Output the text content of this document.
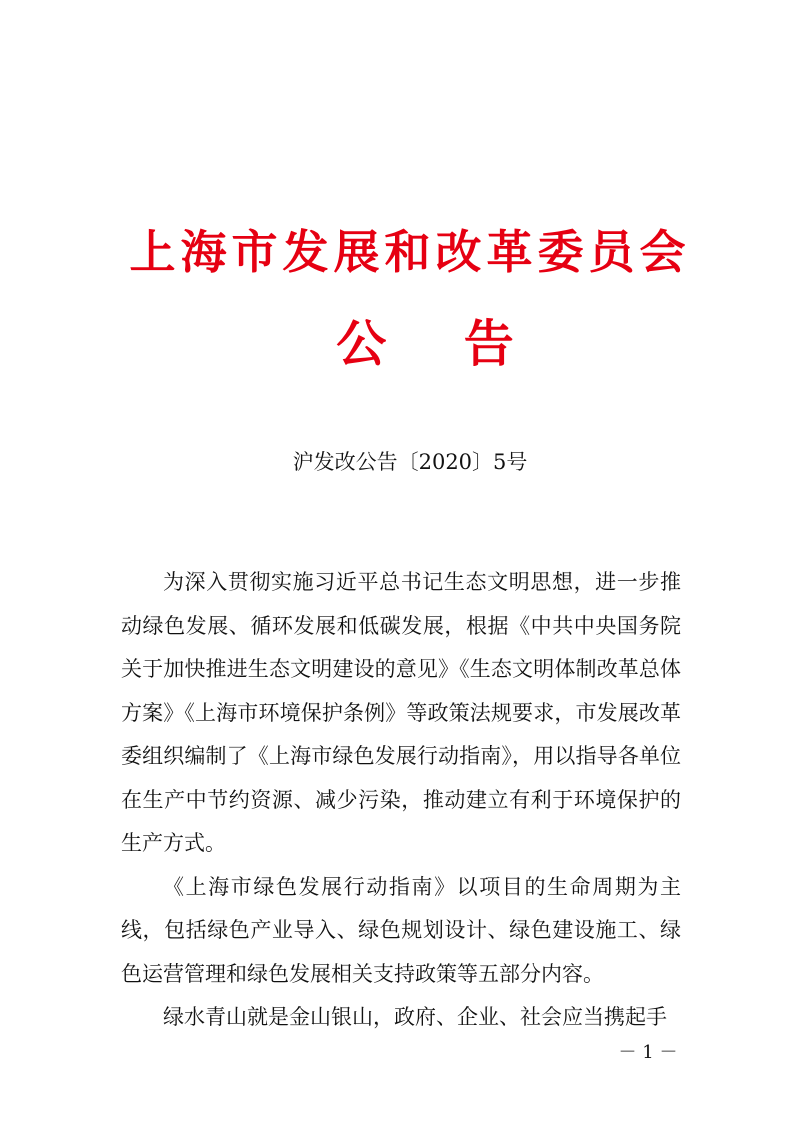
上海市发展和改革委员会
公 告

沪发改公告〔2020〕5号

为深入贯彻实施习近平总书记生态文明思想，进一步推动绿色发展、循环发展和低碳发展，根据《中共中央国务院关于加快推进生态文明建设的意见》《生态文明体制改革总体方案》《上海市环境保护条例》等政策法规要求，市发展改革委组织编制了《上海市绿色发展行动指南》，用以指导各单位在生产中节约资源、减少污染，推动建立有利于环境保护的生产方式。

《上海市绿色发展行动指南》以项目的生命周期为主线，包括绿色产业导入、绿色规划设计、绿色建设施工、绿色运营管理和绿色发展相关支持政策等五部分内容。

绿水青山就是金山银山，政府、企业、社会应当携起手

－ 1 －
